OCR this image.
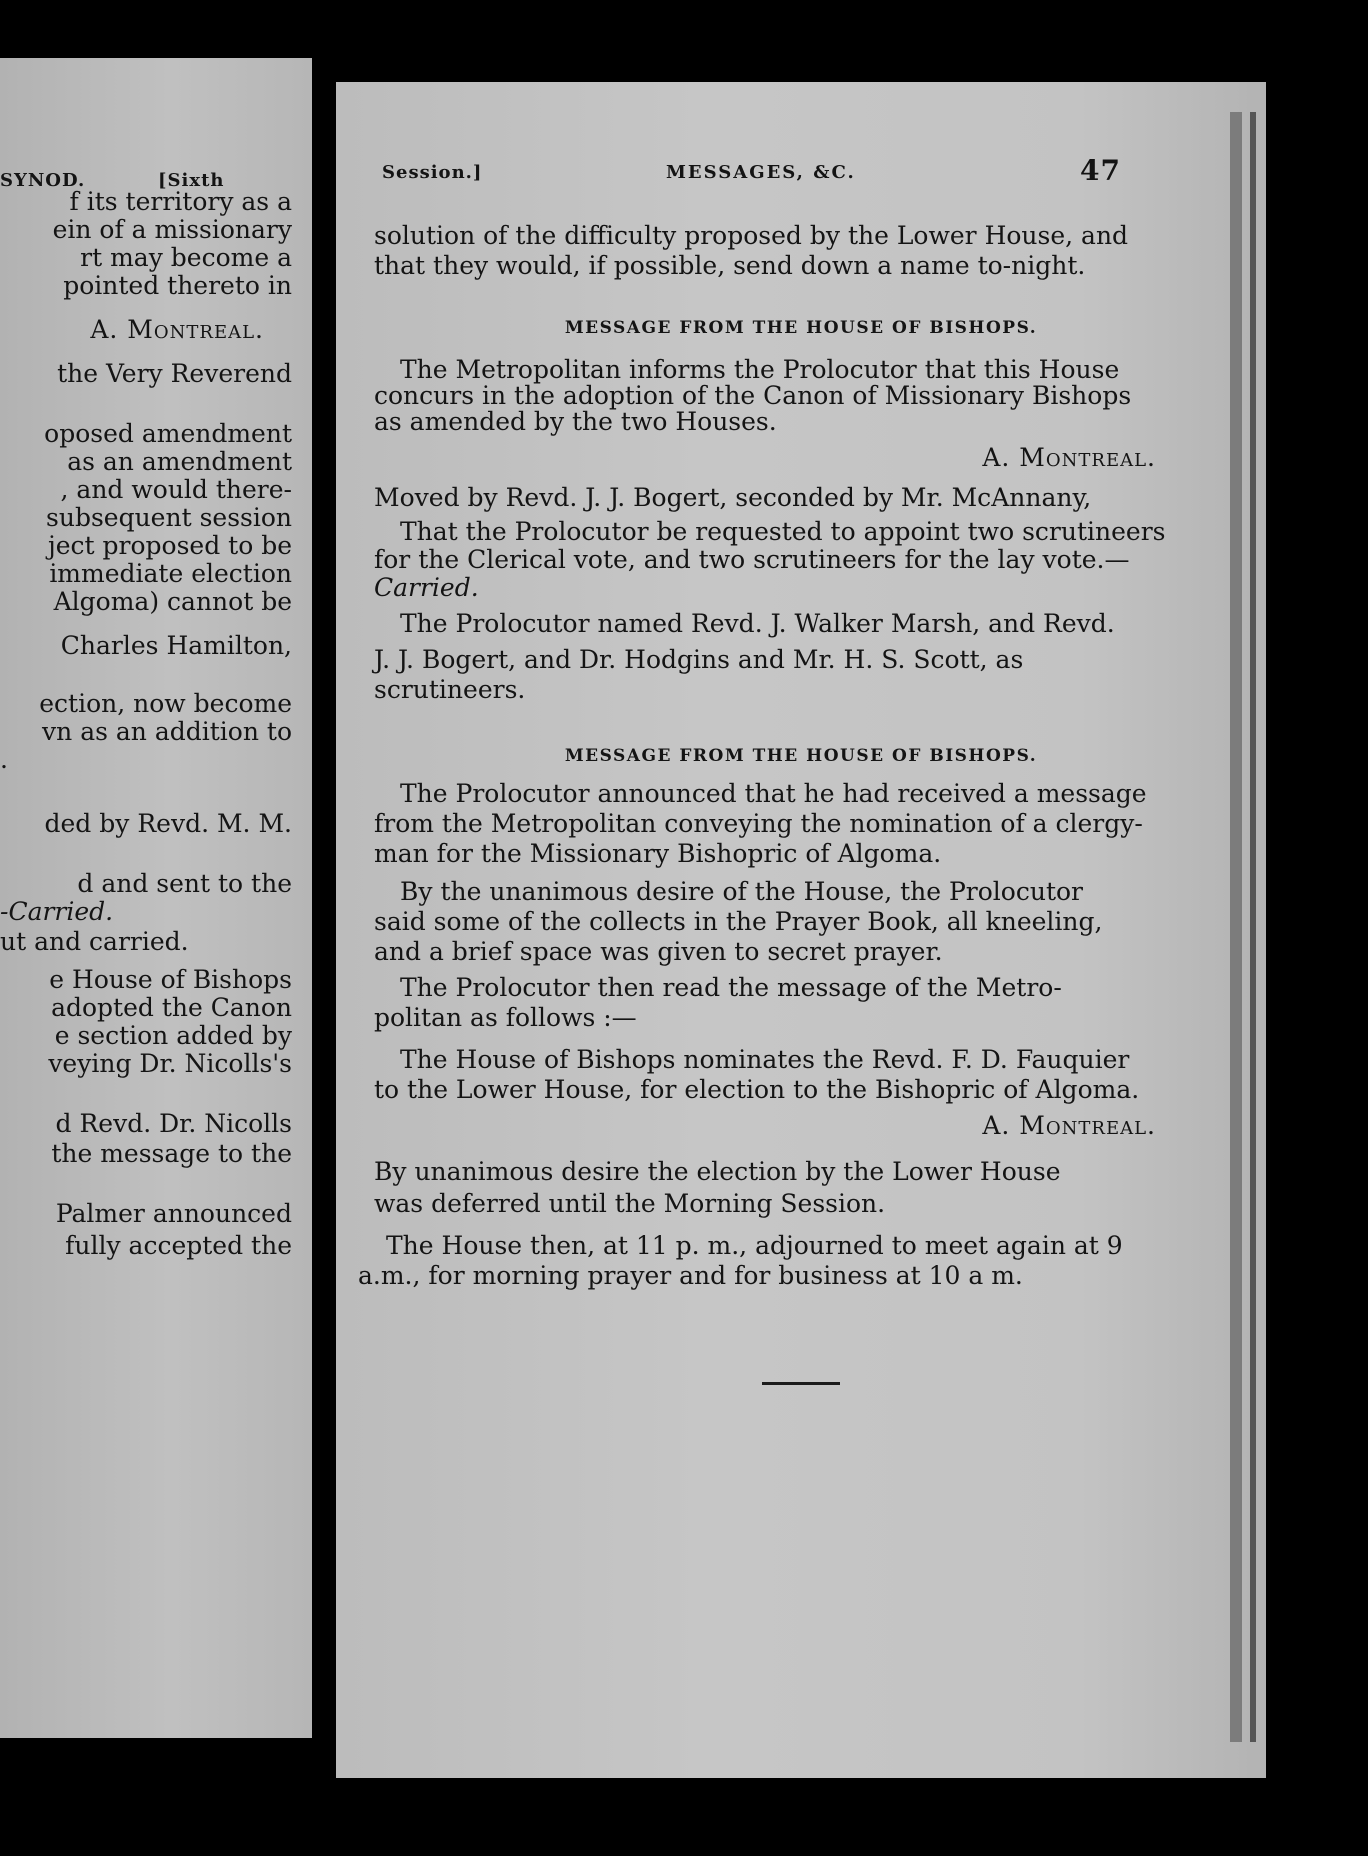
SYNOD.	[Sixth
f its territory as a
ein of a missionary
rt may become a
pointed thereto in
A. Montreal.
the Very Reverend
oposed amendment
as an amendment
, and would there-
subsequent session
ject proposed to be
immediate election
Algoma) cannot be
Charles Hamilton,
ection, now become
vn as an addition to
.
ded by Revd. M. M.
d and sent to the
-Carried.
ut and carried.
e House of Bishops
adopted the Canon
e section added by
veying Dr. Nicolls's
d Revd. Dr. Nicolls
the message to the
Palmer announced
fully accepted the
Session.]	MESSAGES, &C.	47
solution of the difficulty proposed by the Lower House, and
that they would, if possible, send down a name to-night.
MESSAGE FROM THE HOUSE OF BISHOPS.
The Metropolitan informs the Prolocutor that this House
concurs in the adoption of the Canon of Missionary Bishops
as amended by the two Houses.
A. Montreal.
Moved by Revd. J. J. Bogert, seconded by Mr. McAnnany,
That the Prolocutor be requested to appoint two scrutineers
for the Clerical vote, and two scrutineers for the lay vote.—
Carried.
The Prolocutor named Revd. J. Walker Marsh, and Revd.
J. J. Bogert, and Dr. Hodgins and Mr. H. S. Scott, as
scrutineers.
MESSAGE FROM THE HOUSE OF BISHOPS.
The Prolocutor announced that he had received a message
from the Metropolitan conveying the nomination of a clergy-
man for the Missionary Bishopric of Algoma.
By the unanimous desire of the House, the Prolocutor
said some of the collects in the Prayer Book, all kneeling,
and a brief space was given to secret prayer.
The Prolocutor then read the message of the Metro-
politan as follows :—
The House of Bishops nominates the Revd. F. D. Fauquier
to the Lower House, for election to the Bishopric of Algoma.
A. Montreal.
By unanimous desire the election by the Lower House
was deferred until the Morning Session.
The House then, at 11 p. m., adjourned to meet again at 9
a.m., for morning prayer and for business at 10 a m.
